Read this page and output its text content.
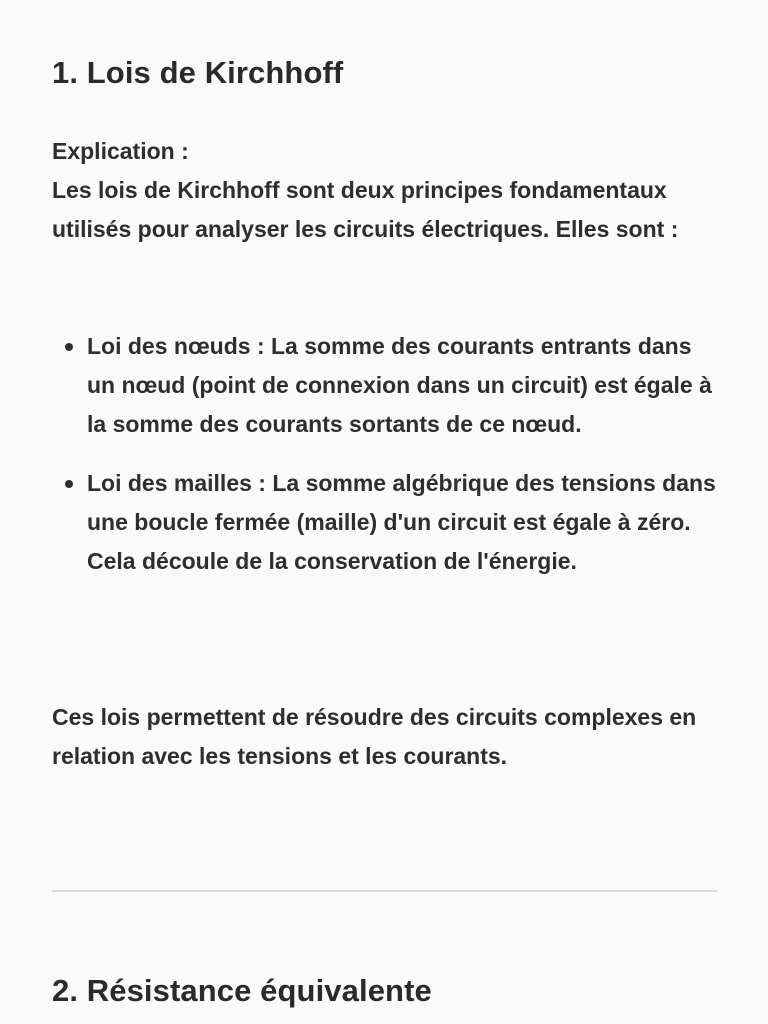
1. Lois de Kirchhoff

Explication :

Les lois de Kirchhoff sont deux principes fondamentaux utilisés pour analyser les circuits électriques. Elles sont :

Loi des nœuds : La somme des courants entrants dans un nœud (point de connexion dans un circuit) est égale à la somme des courants sortants de ce nœud.
Loi des mailles : La somme algébrique des tensions dans une boucle fermée (maille) d'un circuit est égale à zéro. Cela découle de la conservation de l'énergie.

Ces lois permettent de résoudre des circuits complexes en relation avec les tensions et les courants.

2. Résistance équivalente
